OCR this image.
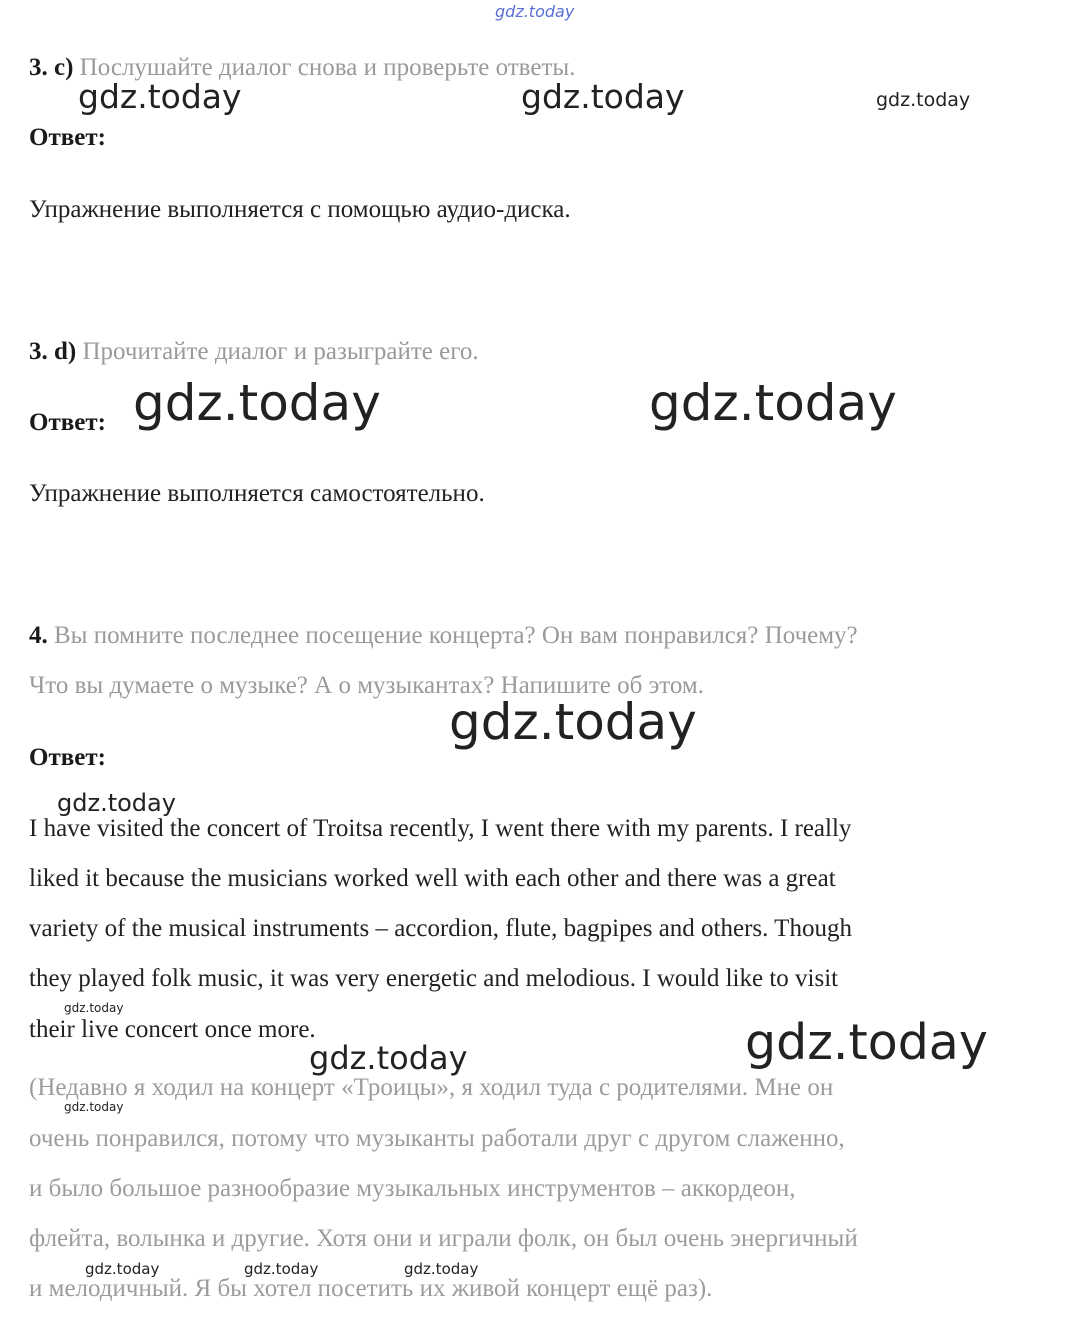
gdz.today
3. c) Послушайте диалог снова и проверьте ответы.
gdz.today	gdz.today	gdz.today
Ответ:
Упражнение выполняется с помощью аудио-диска.
3. d) Прочитайте диалог и разыграйте его.
Ответ: gdz.today	gdz.today
Упражнение выполняется самостоятельно.
4. Вы помните последнее посещение концерта? Он вам понравился? Почему?
Что вы думаете о музыке? А о музыкантах? Напишите об этом.
gdz.today
Ответ:
gdz.today
I have visited the concert of Troitsa recently, I went there with my parents. I really
liked it because the musicians worked well with each other and there was a great
variety of the musical instruments – accordion, flute, bagpipes and others. Though
they played folk music, it was very energetic and melodious. I would like to visit
gdz.today
their live concert once more.
gdz.today	gdz.today
(Недавно я ходил на концерт «Троицы», я ходил туда с родителями. Мне он
gdz.today
очень понравился, потому что музыканты работали друг с другом слаженно,
и было большое разнообразие музыкальных инструментов – аккордеон,
флейта, волынка и другие. Хотя они и играли фолк, он был очень энергичный
gdz.today	gdz.today	gdz.today
и мелодичный. Я бы хотел посетить их живой концерт ещё раз).
